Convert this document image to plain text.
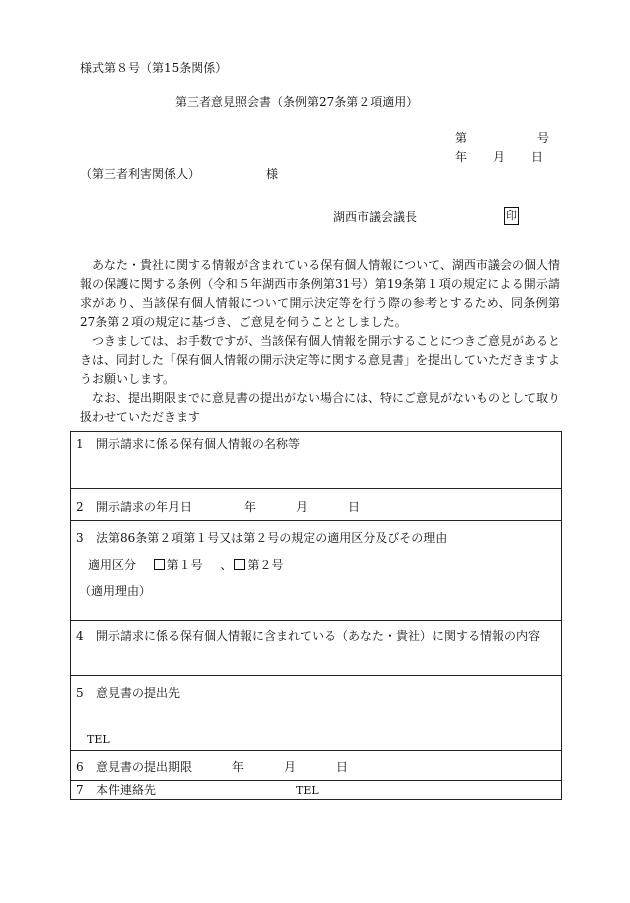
様式第８号（第15条関係）
第三者意見照会書（条例第27条第２項適用）
第	号
年 月 日
（第三者利害関係人）	様
湖西市議会議長	印

あなた・貴社に関する情報が含まれている保有個人情報について、湖西市議会の個人情報の保護に関する条例（令和５年湖西市条例第31号）第19条第１項の規定による開示請求があり、当該保有個人情報について開示決定等を行う際の参考とするため、同条例第27条第２項の規定に基づき、ご意見を伺うこととしました。

つきましては、お手数ですが、当該保有個人情報を開示することにつきご意見があるときは、同封した「保有個人情報の開示決定等に関する意見書」を提出していただきますようお願いします。

なお、提出期限までに意見書の提出がない場合には、特にご意見がないものとして取り扱わせていただきます

1 開示請求に係る保有個人情報の名称等
2 開示請求の年月日	年	月	日
3 法第86条第２項第１号又は第２号の規定の適用区分及びその理由
適用区分	第１号 、 第２号
（適用理由）
4 開示請求に係る保有個人情報に含まれている（あなた・貴社）に関する情報の内容
5 意見書の提出先
TEL
6 意見書の提出期限	年	月	日
7 本件連絡先	TEL
